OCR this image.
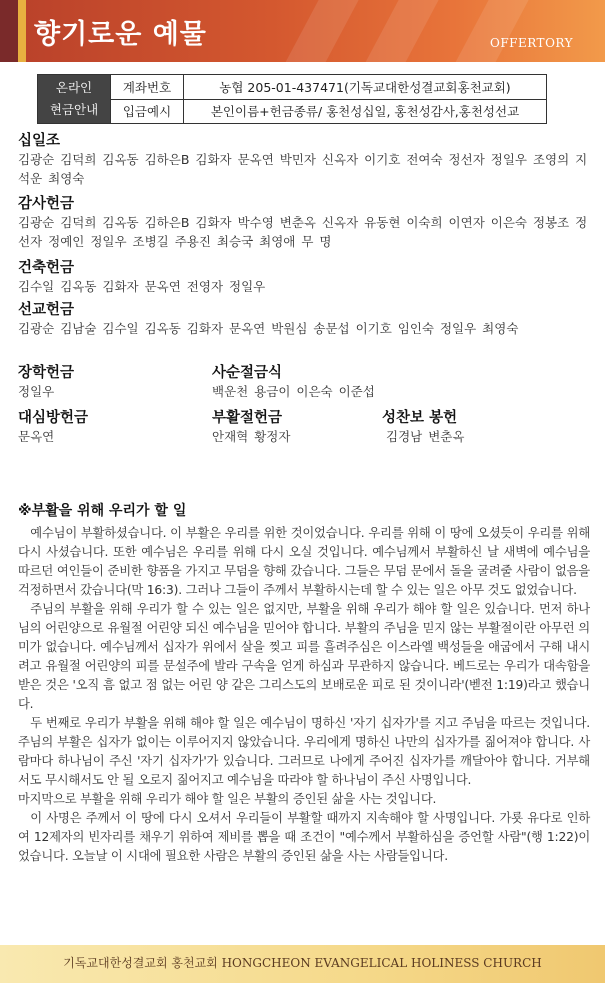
향기로운 예물	OFFERTORY
온라인
현금안내	계좌번호	농협 205-01-437471(기독교대한성결교회홍천교회)
	입금예시	본인이름+헌금종류/ 홍천성십일, 홍천성감사,홍천성선교
십일조
김광순 김덕희 김옥동 김하은B 김화자 문옥연 박민자 신옥자 이기호 전여숙 정선자 정일우 조영의 지석운 최영숙
감사헌금
김광순 김덕희 김옥동 김하은B 김화자 박수영 변춘옥 신옥자 유동현 이숙희 이연자 이은숙 정봉조 정선자 정예인 정일우 조병길 주용진 최승국 최영애 무 명
건축헌금
김수일 김옥동 김화자 문옥연 전영자 정일우
선교헌금
김광순 김남술 김수일 김옥동 김화자 문옥연 박원심 송문섭 이기호 임인숙 정일우 최영숙
장학헌금
정일우
사순절금식
백운천 용금이 이은숙 이준섭
대심방헌금
문옥연
부활절헌금
안재혁 황정자
성찬보 봉헌
김경남 변춘옥
※부활을 위해 우리가 할 일

예수님이 부활하셨습니다. 이 부활은 우리를 위한 것이었습니다. 우리를 위해 이 땅에 오셨듯이 우리를 위해 다시 사셨습니다. 또한 예수님은 우리를 위해 다시 오실 것입니다. 예수님께서 부활하신 날 새벽에 예수님을 따르던 여인들이 준비한 향품을 가지고 무덤을 향해 갔습니다. 그들은 무덤 문에서 돌을 굴려줄 사람이 없음을 걱정하면서 갔습니다(막 16:3). 그러나 그들이 주께서 부활하시는데 할 수 있는 일은 아무 것도 없었습니다.

주님의 부활을 위해 우리가 할 수 있는 일은 없지만, 부활을 위해 우리가 해야 할 일은 있습니다. 먼저 하나님의 어린양으로 유월절 어린양 되신 예수님을 믿어야 합니다. 부활의 주님을 믿지 않는 부활절이란 아무런 의미가 없습니다. 예수님께서 십자가 위에서 살을 찢고 피를 흘려주심은 이스라엘 백성들을 애굽에서 구해 내시려고 유월절 어린양의 피를 문설주에 발라 구속을 얻게 하심과 무관하지 않습니다. 베드로는 우리가 대속함을 받은 것은 '오직 흠 없고 점 없는 어린 양 같은 그리스도의 보배로운 피로 된 것이니라'(벧전 1:19)라고 했습니다.

두 번째로 우리가 부활을 위해 해야 할 일은 예수님이 명하신 '자기 십자가'를 지고 주님을 따르는 것입니다. 주님의 부활은 십자가 없이는 이루어지지 않았습니다. 우리에게 명하신 나만의 십자가를 짊어져야 합니다. 사람마다 하나님이 주신 '자기 십자가'가 있습니다. 그러므로 나에게 주어진 십자가를 깨달아야 합니다. 거부해서도 무시해서도 안 될 오로지 짊어지고 예수님을 따라야 할 하나님이 주신 사명입니다.

마지막으로 부활을 위해 우리가 해야 할 일은 부활의 증인된 삶을 사는 것입니다.

이 사명은 주께서 이 땅에 다시 오셔서 우리들이 부활할 때까지 지속해야 할 사명입니다. 가룟 유다로 인하여 12제자의 빈자리를 채우기 위하여 제비를 뽑을 때 조건이 "예수께서 부활하심을 증언할 사람"(행 1:22)이었습니다. 오늘날 이 시대에 필요한 사람은 부활의 증인된 삶을 사는 사람들입니다.

기독교대한성결교회 홍천교회 HONGCHEON EVANGELICAL HOLINESS CHURCH
